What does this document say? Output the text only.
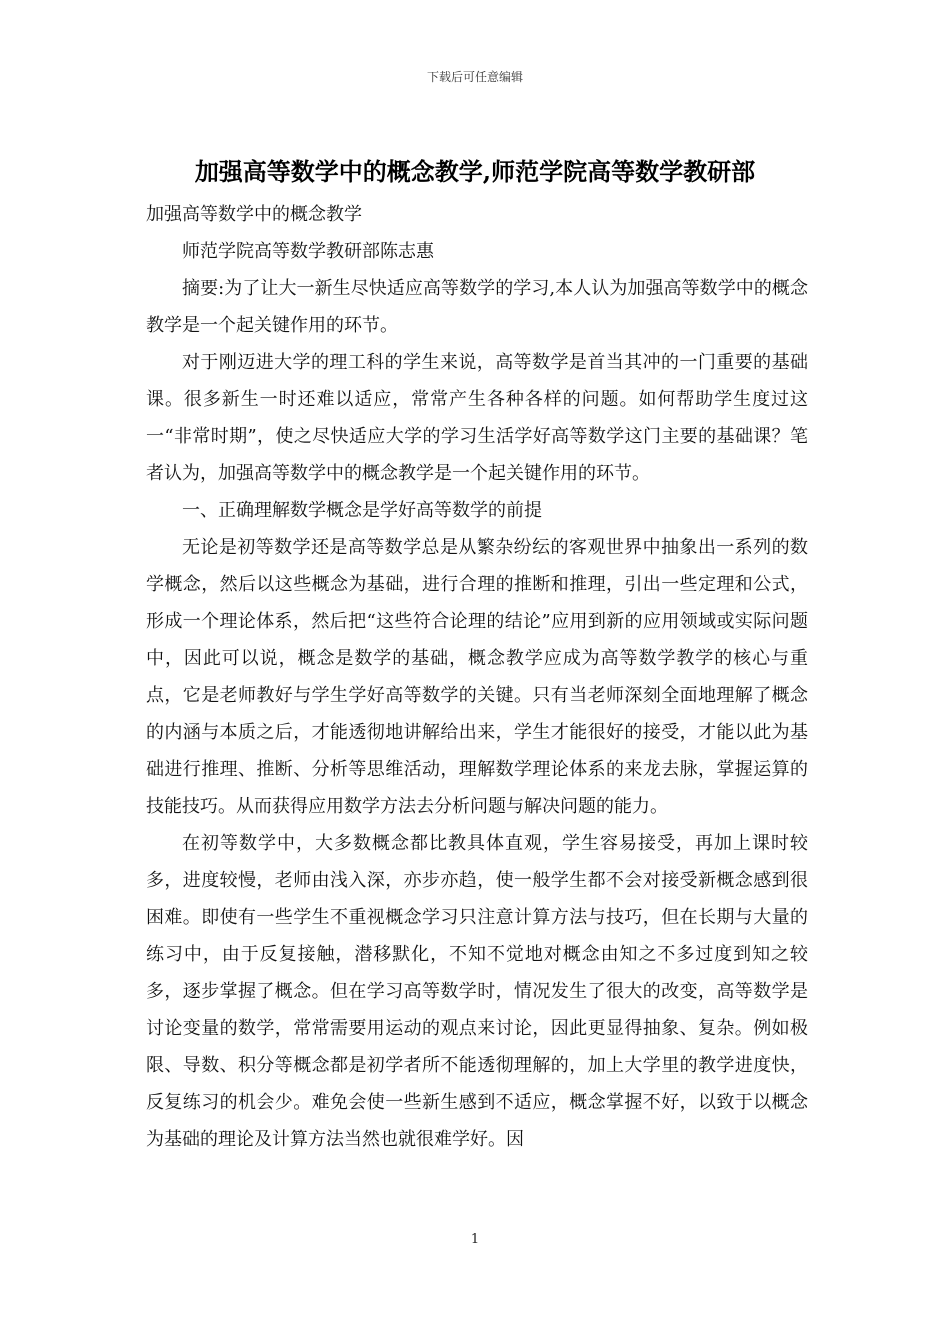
下载后可任意编辑
加强高等数学中的概念教学,师范学院高等数学教研部

加强高等数学中的概念教学

师范学院高等数学教研部陈志惠

摘要:为了让大一新生尽快适应高等数学的学习,本人认为加强高等数学中的概念教学是一个起关键作用的环节。

对于刚迈进大学的理工科的学生来说，高等数学是首当其冲的一门重要的基础课。很多新生一时还难以适应，常常产生各种各样的问题。如何帮助学生度过这一“非常时期”，使之尽快适应大学的学习生活学好高等数学这门主要的基础课？笔者认为，加强高等数学中的概念教学是一个起关键作用的环节。

一、正确理解数学概念是学好高等数学的前提

无论是初等数学还是高等数学总是从繁杂纷纭的客观世界中抽象出一系列的数学概念，然后以这些概念为基础，进行合理的推断和推理，引出一些定理和公式，形成一个理论体系，然后把“这些符合论理的结论”应用到新的应用领域或实际问题中，因此可以说，概念是数学的基础，概念教学应成为高等数学教学的核心与重点，它是老师教好与学生学好高等数学的关键。只有当老师深刻全面地理解了概念的内涵与本质之后，才能透彻地讲解给出来，学生才能很好的接受，才能以此为基础进行推理、推断、分析等思维活动，理解数学理论体系的来龙去脉，掌握运算的技能技巧。从而获得应用数学方法去分析问题与解决问题的能力。

在初等数学中，大多数概念都比教具体直观，学生容易接受，再加上课时较多，进度较慢，老师由浅入深，亦步亦趋，使一般学生都不会对接受新概念感到很困难。即使有一些学生不重视概念学习只注意计算方法与技巧，但在长期与大量的练习中，由于反复接触，潜移默化，不知不觉地对概念由知之不多过度到知之较多，逐步掌握了概念。但在学习高等数学时，情况发生了很大的改变，高等数学是讨论变量的数学，常常需要用运动的观点来讨论，因此更显得抽象、复杂。例如极限、导数、积分等概念都是初学者所不能透彻理解的，加上大学里的教学进度快，反复练习的机会少。难免会使一些新生感到不适应，概念掌握不好，以致于以概念为基础的理论及计算方法当然也就很难学好。因

1
